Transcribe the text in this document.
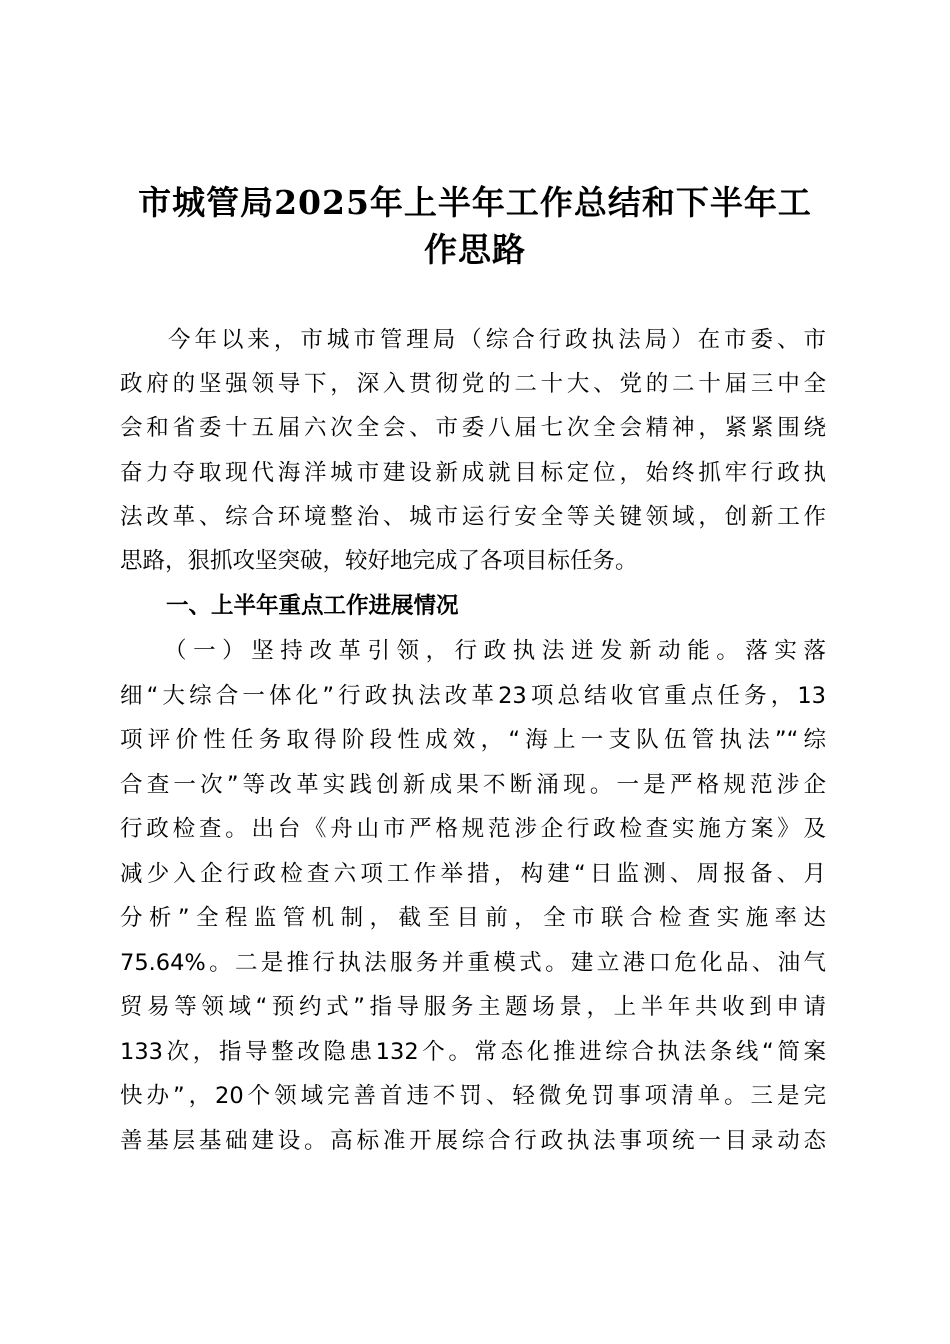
市城管局2025年上半年工作总结和下半年工
作思路
今年以来，市城市管理局（综合行政执法局）在市委、市
政府的坚强领导下，深入贯彻党的二十大、党的二十届三中全
会和省委十五届六次全会、市委八届七次全会精神，紧紧围绕
奋力夺取现代海洋城市建设新成就目标定位，始终抓牢行政执
法改革、综合环境整治、城市运行安全等关键领域，创新工作
思路，狠抓攻坚突破，较好地完成了各项目标任务。
一、上半年重点工作进展情况
（一）坚持改革引领，行政执法迸发新动能。落实落
细“大综合一体化”行政执法改革23项总结收官重点任务，13
项评价性任务取得阶段性成效，“海上一支队伍管执法”“综
合查一次”等改革实践创新成果不断涌现。一是严格规范涉企
行政检查。出台《舟山市严格规范涉企行政检查实施方案》及
减少入企行政检查六项工作举措，构建“日监测、周报备、月
分析”全程监管机制，截至目前，全市联合检查实施率达
75.64%。二是推行执法服务并重模式。建立港口危化品、油气
贸易等领域“预约式”指导服务主题场景，上半年共收到申请
133次，指导整改隐患132个。常态化推进综合执法条线“简案
快办”，20个领域完善首违不罚、轻微免罚事项清单。三是完
善基层基础建设。高标准开展综合行政执法事项统一目录动态
